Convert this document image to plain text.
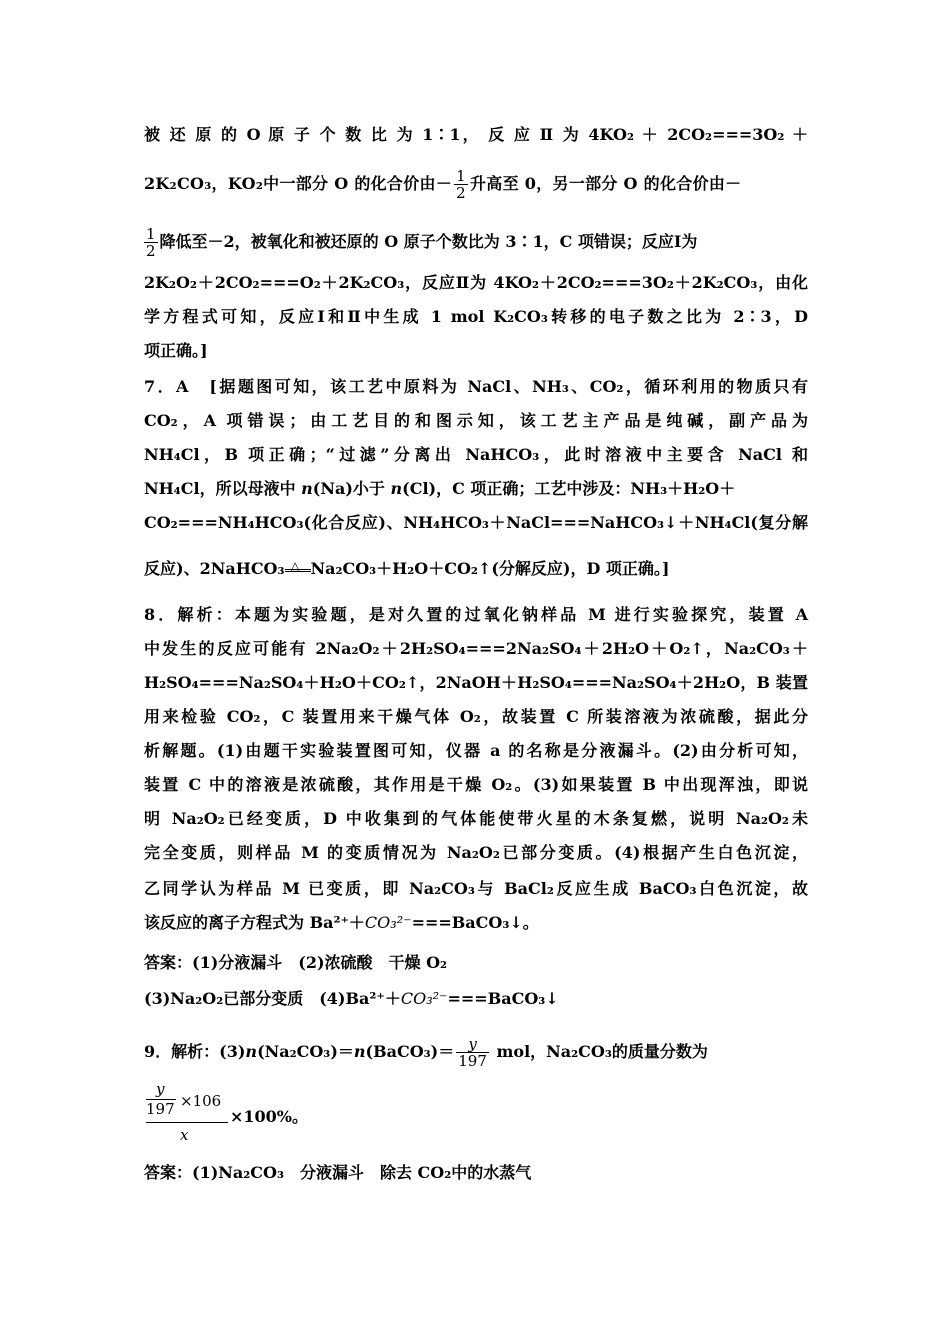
被 还 原 的 O 原 子 个 数 比 为 1∶1， 反 应 Ⅱ 为 4KO₂ ＋ 2CO₂===3O₂ ＋
2K₂CO₃，KO₂中一部分 O 的化合价由－ $\frac{1}{2}$ 升高至 0，另一部分 O 的化合价由－
$\frac{1}{2}$ 降低至－2，被氧化和被还原的 O 原子个数比为 3∶1，C 项错误；反应Ⅰ为
2K₂O₂＋2CO₂===O₂＋2K₂CO₃，反应Ⅱ为 4KO₂＋2CO₂===3O₂＋2K₂CO₃，由化
学方程式可知，反应Ⅰ和Ⅱ中生成 1 mol K₂CO₃转移的电子数之比为 2∶3，D
项正确。]
7．A　[据题图可知，该工艺中原料为 NaCl、NH₃、CO₂，循环利用的物质只有
CO₂，A 项错误；由工艺目的和图示知，该工艺主产品是纯碱，副产品为
NH₄Cl，B 项正确；“过滤”分离出 NaHCO₃，此时溶液中主要含 NaCl 和
NH₄Cl，所以母液中 n(Na)小于 n(Cl)，C 项正确；工艺中涉及：NH₃＋H₂O＋
CO₂===NH₄HCO₃(化合反应)、NH₄HCO₃＋NaCl===NaHCO₃↓＋NH₄Cl(复分解
反应)、2NaHCO₃ △ Na₂CO₃＋H₂O＋CO₂↑(分解反应)，D 项正确。]
8．解析：本题为实验题，是对久置的过氧化钠样品 M 进行实验探究，装置 A
中发生的反应可能有 2Na₂O₂＋2H₂SO₄===2Na₂SO₄＋2H₂O＋O₂↑，Na₂CO₃＋
H₂SO₄===Na₂SO₄＋H₂O＋CO₂↑，2NaOH＋H₂SO₄===Na₂SO₄＋2H₂O，B 装置
用来检验 CO₂，C 装置用来干燥气体 O₂，故装置 C 所装溶液为浓硫酸，据此分
析解题。(1)由题干实验装置图可知，仪器 a 的名称是分液漏斗。(2)由分析可知，
装置 C 中的溶液是浓硫酸，其作用是干燥 O₂。(3)如果装置 B 中出现浑浊，即说
明 Na₂O₂已经变质，D 中收集到的气体能使带火星的木条复燃，说明 Na₂O₂未
完全变质，则样品 M 的变质情况为 Na₂O₂已部分变质。(4)根据产生白色沉淀，
乙同学认为样品 M 已变质，即 Na₂CO₃与 BaCl₂反应生成 BaCO₃白色沉淀，故
该反应的离子方程式为 Ba²⁺＋CO₃²⁻===BaCO₃↓。
答案：(1)分液漏斗　(2)浓硫酸　干燥 O₂
(3)Na₂O₂已部分变质　(4)Ba²⁺＋CO₃²⁻===BaCO₃↓
9．解析：(3)n(Na₂CO₃)＝n(BaCO₃)＝ $\frac{y}{197}$ mol，Na₂CO₃的质量分数为
y
197 ×106
x
×100%。
答案：(1)Na₂CO₃　分液漏斗　除去 CO₂中的水蒸气
